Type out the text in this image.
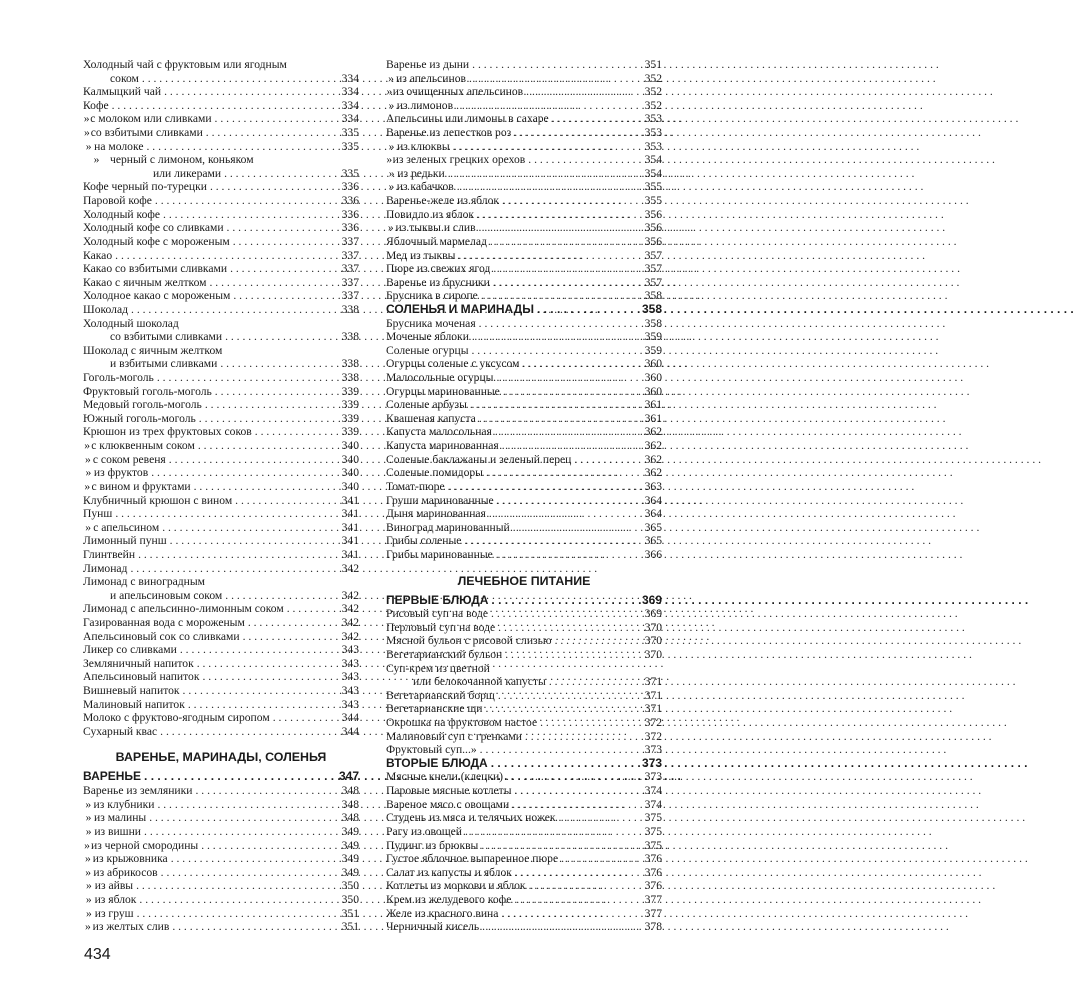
Холодный чай с фруктовым или ягодным
соком . . .	334
Калмыцкий чай . . .	334
Кофе . . .	334
» с молоком или сливками . . .	334
» со взбитыми сливками . . .	335
» на молоке . . .	335
» черный с лимоном, коньяком
или ликерами . . .	335
Кофе черный по-турецки . . .	336
Паровой кофе . . .	336
Холодный кофе . . .	336
Холодный кофе со сливками . . .	336
Холодный кофе с мороженым . . .	337
Какао . . .	337
Какао со взбитыми сливками . . .	337
Какао с яичным желтком . . .	337
Холодное какао с мороженым . . .	337
Шоколад . . .	338
Холодный шоколад
со взбитыми сливками . . .	338
Шоколад с яичным желтком
и взбитыми сливками . . .	338
Гоголь-моголь . . .	338
Фруктовый гоголь-моголь . . .	339
Медовый гоголь-моголь . . .	339
Южный гоголь-моголь . . .	339
Крюшон из трех фруктовых соков . . .	339
» с клюквенным соком . . .	340
» с соком ревеня . . .	340
» из фруктов . . .	340
» с вином и фруктами . . .	340
Клубничный крюшон с вином . . .	341
Пунш . . .	341
» с апельсином . . .	341
Лимонный пунш . . .	341
Глинтвейн . . .	341
Лимонад . . .	342
Лимонад с виноградным
и апельсиновым соком . . .	342
Лимонад с апельсинно-лимонным соком . . .	342
Газированная вода с мороженым . . .	342
Апельсиновый сок со сливками . . .	342
Ликер со сливками . . .	343
Земляничный напиток . . .	343
Апельсиновый напиток . . .	343
Вишневый напиток . . .	343
Малиновый напиток . . .	343
Молоко с фруктово-ягодным сиропом . . .	344
Сухарный квас . . .	344
ВАРЕНЬЕ, МАРИНАДЫ, СОЛЕНЬЯ
ВАРЕНЬЕ . . .	347
Варенье из земляники . . .	348
» из клубники . . .	348
» из малины . . .	348
» из вишни . . .	349
» из черной смородины . . .	349
» из крыжовника . . .	349
» из абрикосов . . .	349
» из айвы . . .	350
» из яблок . . .	350
» из груш . . .	351
» из желтых слив . . .	351
Варенье из дыни . . .	351
» из апельсинов . . .	352
» из очищенных апельсинов . . .	352
» из лимонов . . .	352
Апельсины или лимоны в сахаре . . .	353
Варенье из лепестков роз . . .	353
» из клюквы . . .	353
» из зеленых грецких орехов . . .	354
» из редьки . . .	354
» из кабачков . . .	355
Варенье-желе из яблок . . .	355
Повидло из яблок . . .	356
» из тыквы и слив . . .	356
Яблочный мармелад . . .	356
Мед из тыквы . . .	357
Пюре из свежих ягод . . .	357
Варенье из брусники . . .	357
Брусника в сиропе . . .	358
СОЛЕНЬЯ И МАРИНАДЫ . . .	358
Брусника моченая . . .	358
Моченые яблоки . . .	359
Соленые огурцы . . .	359
Огурцы соленые с уксусом . . .	360
Малосольные огурцы . . .	360
Огурцы маринованные . . .	360
Соленые арбузы . . .	361
Квашеная капуста . . .	361
Капуста малосольная . . .	362
Капуста маринованная . . .	362
Соленые баклажаны и зеленый перец . . .	362
Соленые помидоры . . .	362
Томат-пюре . . .	363
Груши маринованные . . .	364
Дыня маринованная . . .	364
Виноград маринованный . . .	365
Грибы соленые . . .	365
Грибы маринованные . . .	366
ЛЕЧЕБНОЕ ПИТАНИЕ
ПЕРВЫЕ БЛЮДА . . .	369
Рисовый суп на воде . . .	369
Перловый суп на воде . . .	370
Мясной бульон с рисовой слизью . . .	370
Вегетарианский бульон . . .	370
Суп-крем из цветной
или белокочанной капусты . . .	371
Вегетарианский борщ . . .	371
Вегетарианские щи . . .	371
Окрошка на фруктовом настое . . .	372
Малиновый суп с гренками . . .	372
Фруктовый суп...» . . .	373
ВТОРЫЕ БЛЮДА . . .	373
Мясные кнели (клецки) . . .	373
Паровые мясные котлеты . . .	374
Вареное мясо с овощами . . .	374
Студень из мяса и телячьих ножек . . .	375
Рагу из овощей . . .	375
Пудинг из брюквы . . .	375
Густое яблочное выпаренное пюре . . .	376
Салат из капусты и яблок . . .	376
Котлеты из моркови и яблок . . .	376
Крем из желудевого кофе . . .	377
Желе из красного вина . . .	377
Черничный кисель . . .	378
434
